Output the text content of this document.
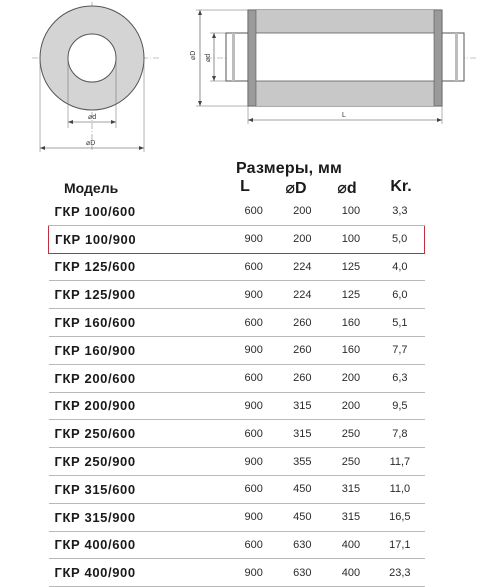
⌀d
⌀D
⌀D ⌀d
L
Размеры, мм
Модель	L	⌀D	⌀d	Kr.
ГКР 100/600	600	200	100	3,3
ГКР 100/900	900	200	100	5,0
ГКР 125/600	600	224	125	4,0
ГКР 125/900	900	224	125	6,0
ГКР 160/600	600	260	160	5,1
ГКР 160/900	900	260	160	7,7
ГКР 200/600	600	260	200	6,3
ГКР 200/900	900	315	200	9,5
ГКР 250/600	600	315	250	7,8
ГКР 250/900	900	355	250	11,7
ГКР 315/600	600	450	315	11,0
ГКР 315/900	900	450	315	16,5
ГКР 400/600	600	630	400	17,1
ГКР 400/900	900	630	400	23,3
